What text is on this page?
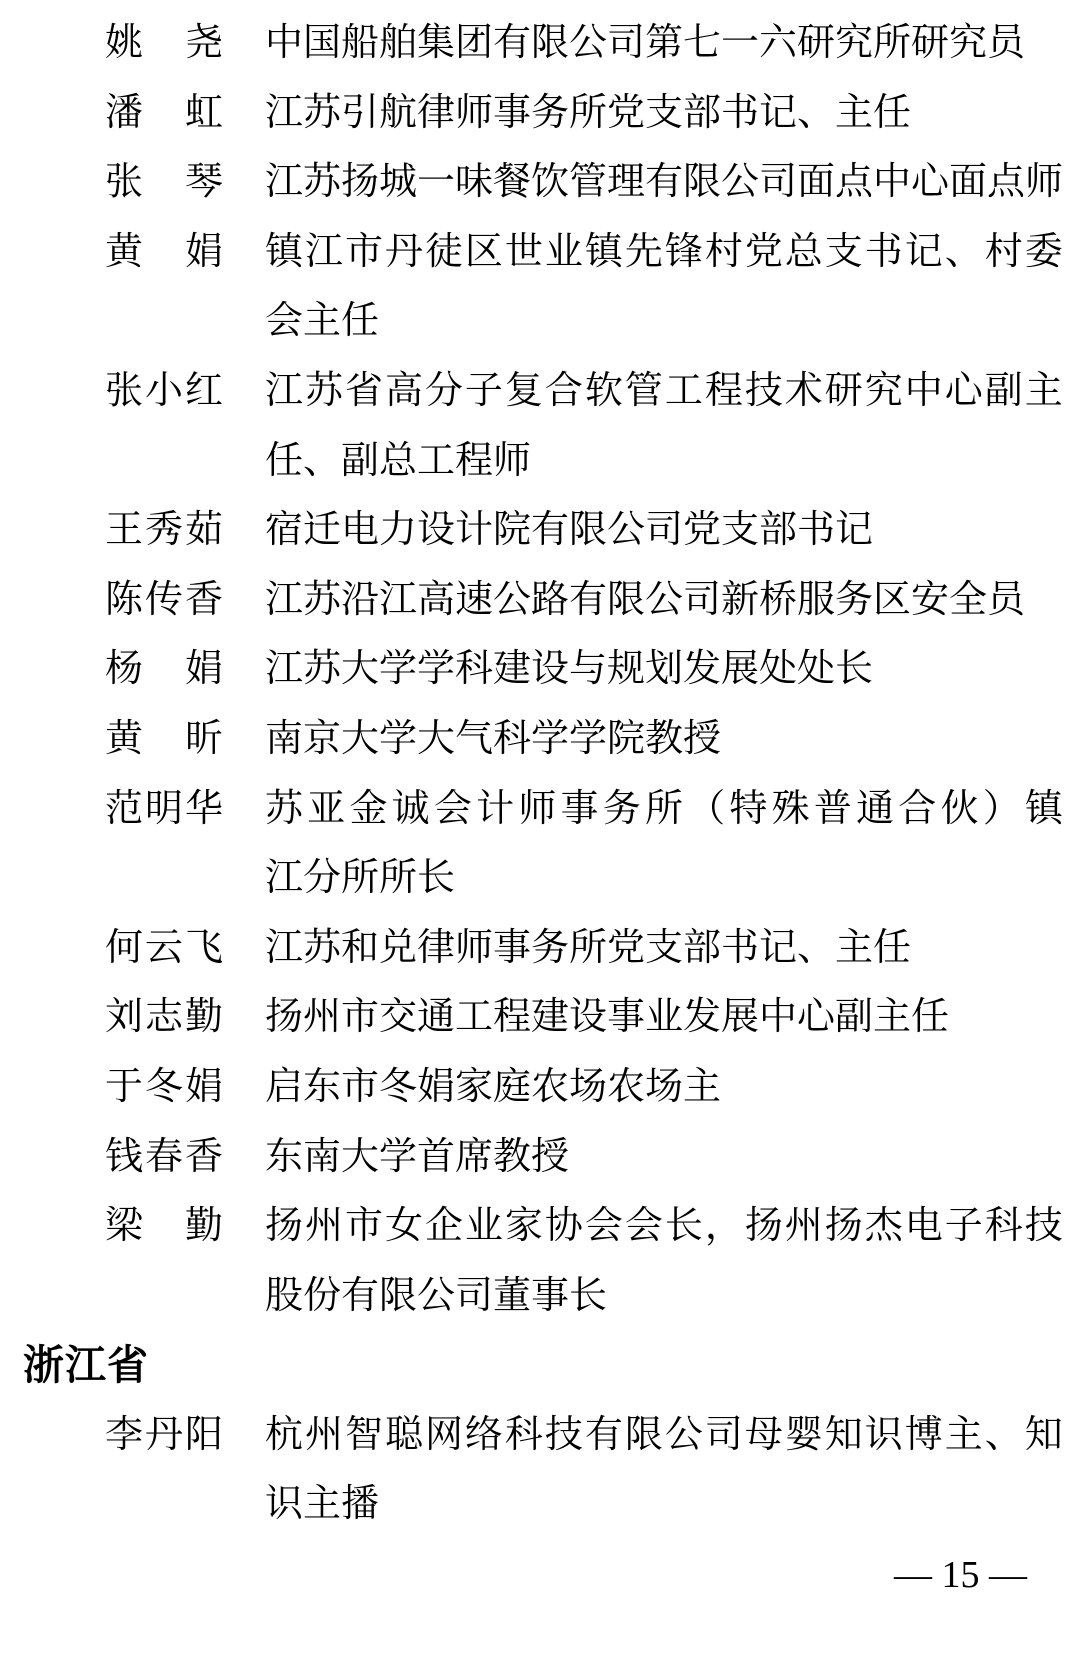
姚 尧 中国船舶集团有限公司第七一六研究所研究员
潘 虹 江苏引航律师事务所党支部书记、主任
张 琴 江苏扬城一味餐饮管理有限公司面点中心面点师
黄 娟 镇 江 市 丹 徒 区 世 业 镇 先 锋 村 党 总 支 书 记 、 村 委
会主任
张 小 红 江 苏 省 高 分 子 复 合 软 管 工 程 技 术 研 究 中 心 副 主
任、副总工程师
王 秀 茹 宿迁电力设计院有限公司党支部书记
陈 传 香 江苏沿江高速公路有限公司新桥服务区安全员
杨 娟 江苏大学学科建设与规划发展处处长
黄 昕 南京大学大气科学学院教授
范 明 华 苏 亚 金 诚 会 计 师 事 务 所 （ 特 殊 普 通 合 伙 ） 镇
江分所所长
何 云 飞 江苏和兑律师事务所党支部书记、主任
刘 志 勤 扬州市交通工程建设事业发展中心副主任
于 冬 娟 启东市冬娟家庭农场农场主
钱 春 香 东南大学首席教授
梁 勤 扬 州 市 女 企 业 家 协 会 会 长 ， 扬 州 扬 杰 电 子 科 技
股份有限公司董事长
浙江省
李 丹 阳 杭 州 智 聪 网 络 科 技 有 限 公 司 母 婴 知 识 博 主 、 知
识主播
— 15 —
